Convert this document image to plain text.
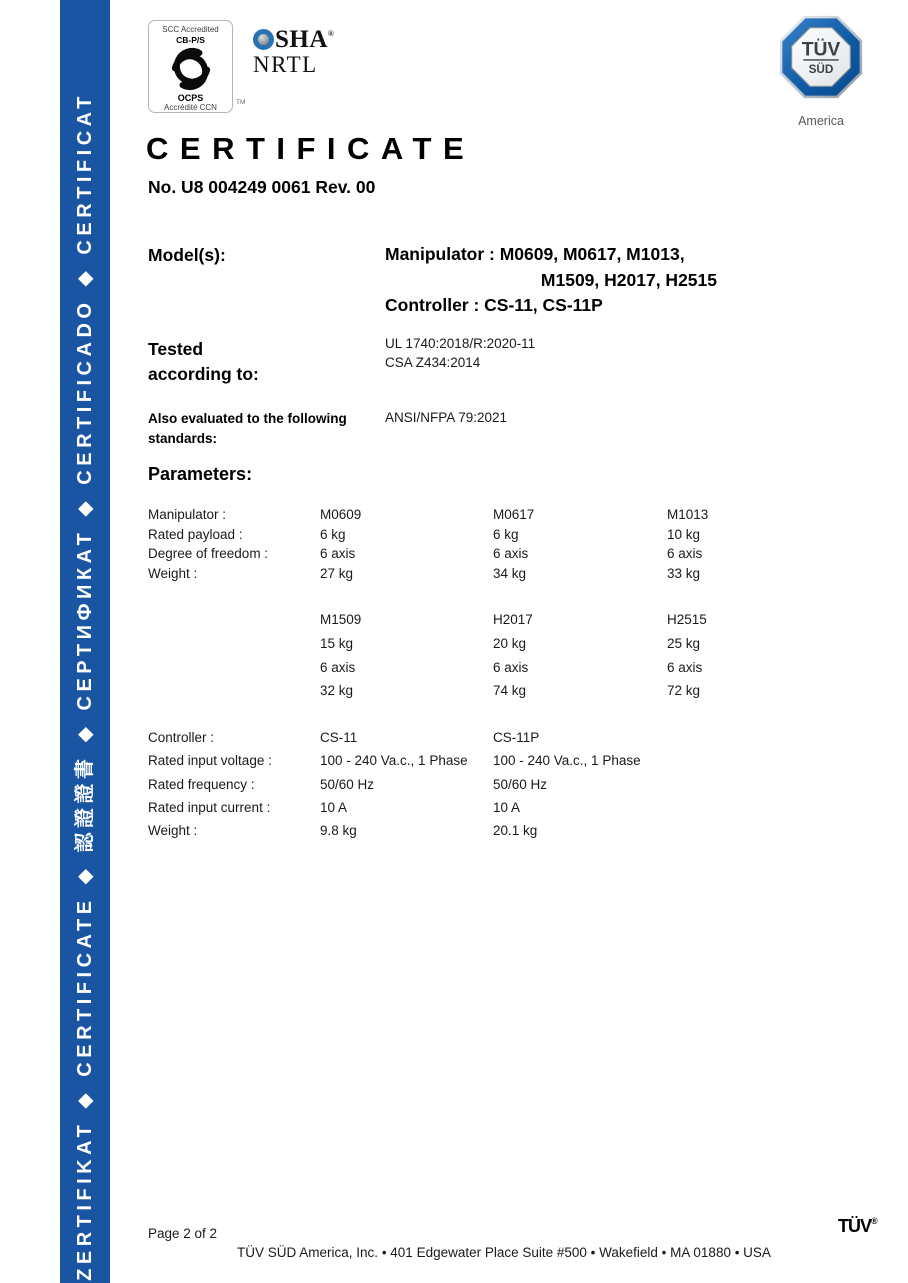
ZERTIFIKAT ◆ CERTIFICATE ◆ 認證證書 ◆ СЕРТИФИКАТ ◆ CERTIFICADO ◆ CERTIFICAT
SCC Accredited
CB-P/S
OCPS
Accrédité CCN	TM
SHA®
NRTL
TÜV
SÜD
America
CERTIFICATE
No. U8 004249 0061 Rev. 00
Model(s):	Manipulator : M0609, M0617, M1013,
M1509, H2017, H2515
Controller : CS-11, CS-11P
Tested
according to:
UL 1740:2018/R:2020-11
CSA Z434:2014
Also evaluated to the following
standards:
ANSI/NFPA 79:2021
Parameters:
Manipulator :	M0609	M0617	M1013
Rated payload :	6 kg	6 kg	10 kg
Degree of freedom :	6 axis	6 axis	6 axis
Weight :	27 kg	34 kg	33 kg
M1509	H2017	H2515
15 kg	20 kg	25 kg
6 axis	6 axis	6 axis
32 kg	74 kg	72 kg
Controller :	CS-11	CS-11P
Rated input voltage :	100 - 240 Va.c., 1 Phase	100 - 240 Va.c., 1 Phase
Rated frequency :	50/60 Hz	50/60 Hz
Rated input current :	10 A	10 A
Weight :	9.8 kg	20.1 kg
TÜV®
Page 2 of 2
TÜV SÜD America, Inc. • 401 Edgewater Place Suite #500 • Wakefield • MA 01880 • USA
